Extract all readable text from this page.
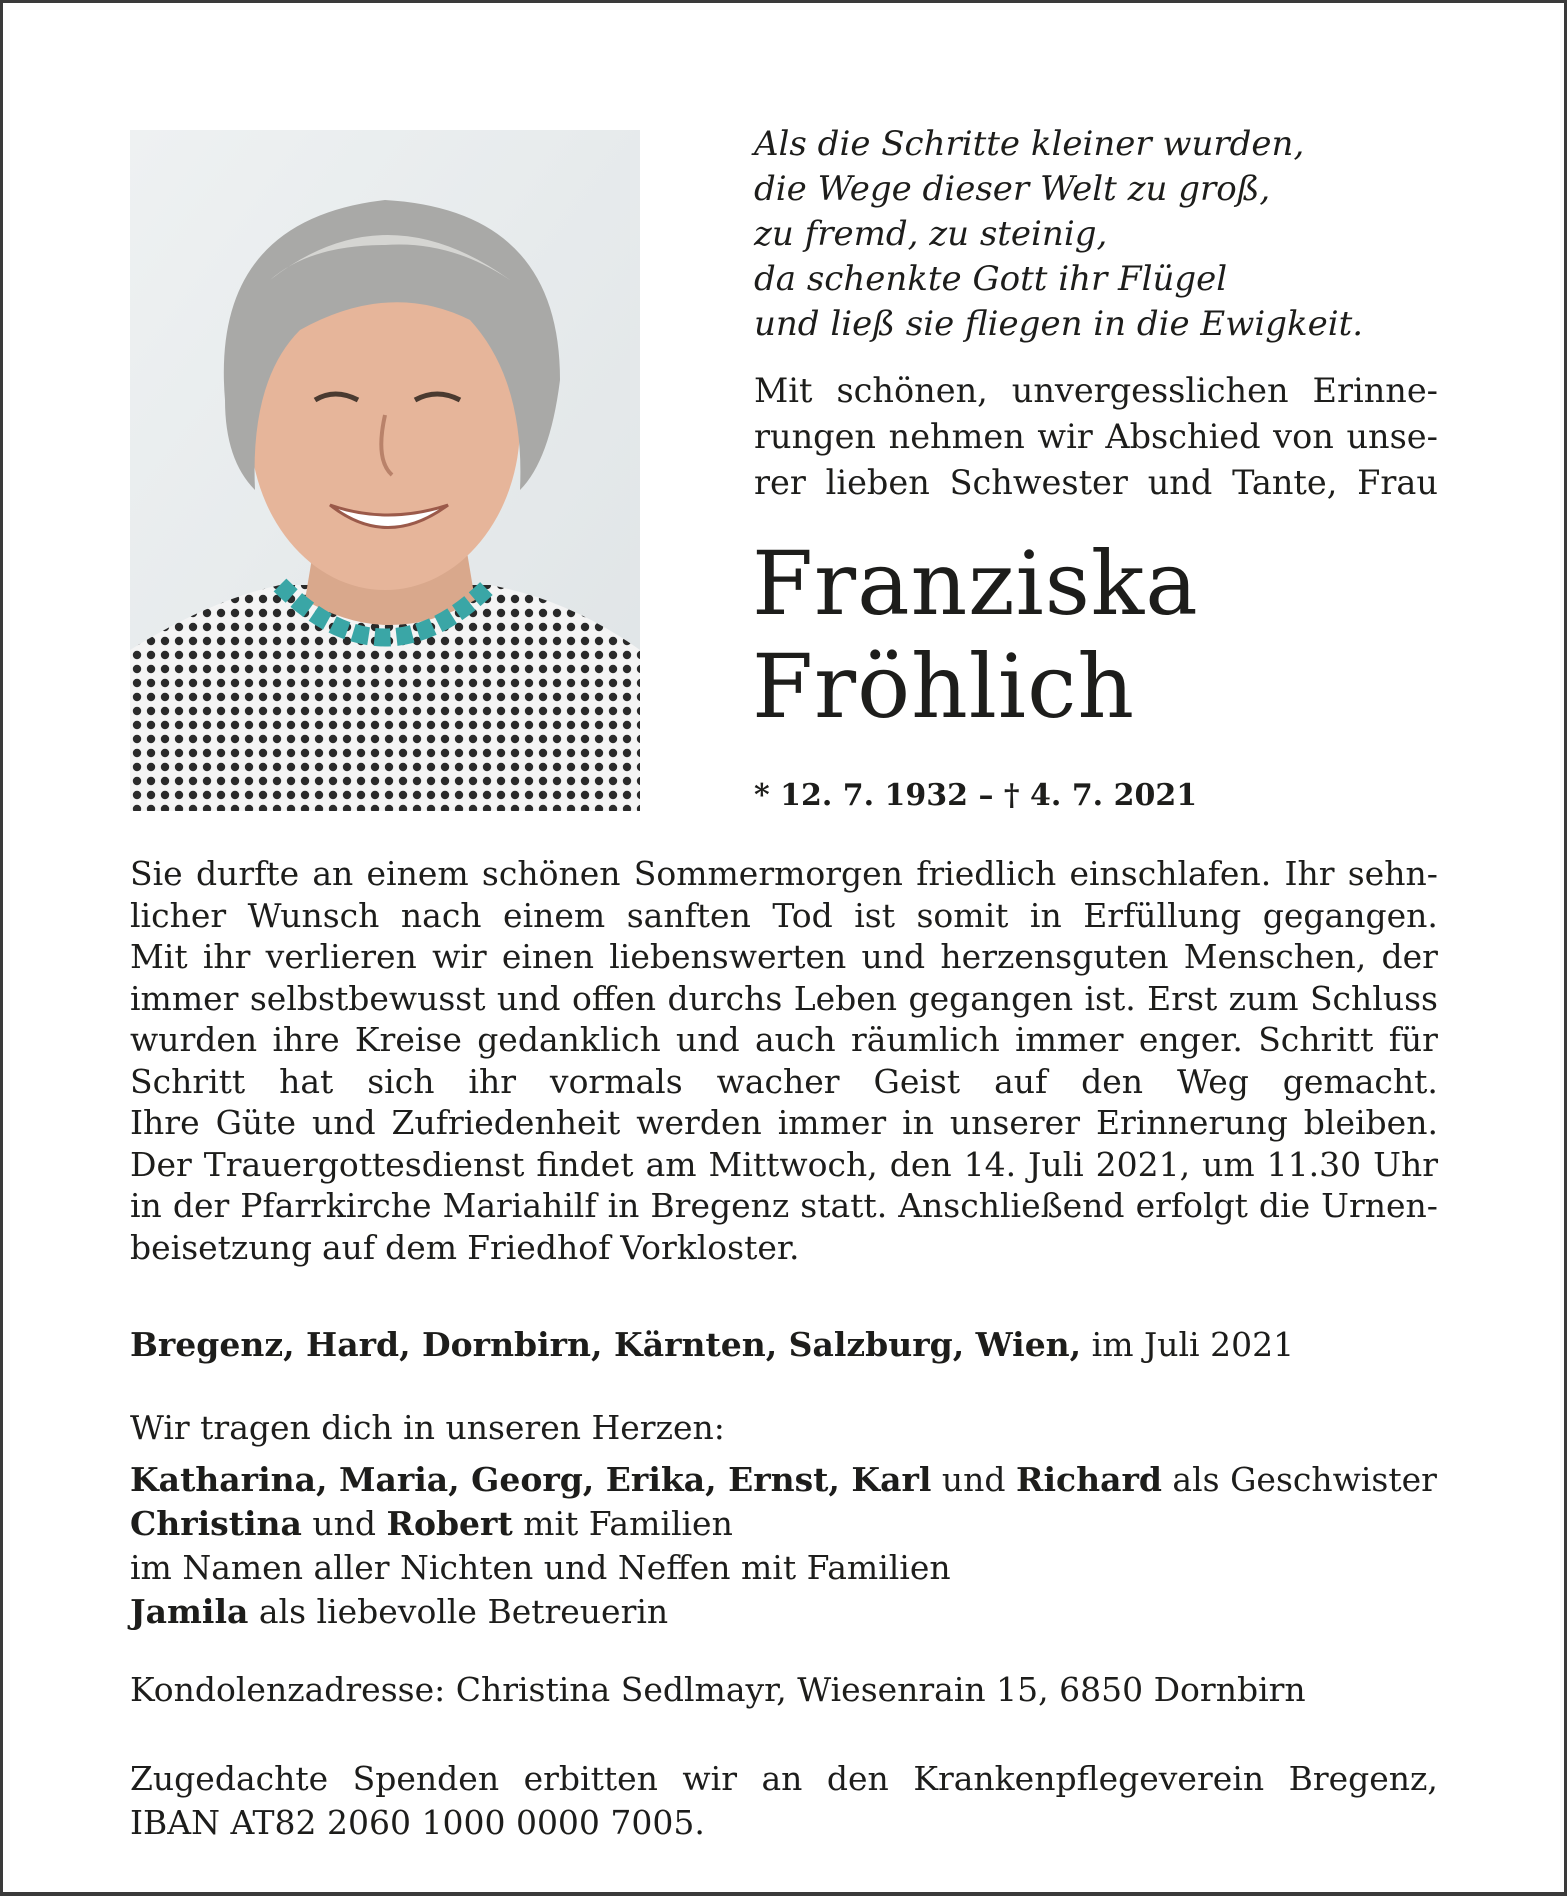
Als die Schritte kleiner wurden,
die Wege dieser Welt zu groß,
zu fremd, zu steinig,
da schenkte Gott ihr Flügel
und ließ sie fliegen in die Ewigkeit.
Mit schönen, unvergesslichen Erinne-
rungen nehmen wir Abschied von unse-
rer lieben Schwester und Tante, Frau
Franziska
Fröhlich
* 12. 7. 1932 – † 4. 7. 2021
Sie durfte an einem schönen Sommermorgen friedlich einschlafen. Ihr sehn-
licher Wunsch nach einem sanften Tod ist somit in Erfüllung gegangen.
Mit ihr verlieren wir einen liebenswerten und herzensguten Menschen, der
immer selbstbewusst und offen durchs Leben gegangen ist. Erst zum Schluss
wurden ihre Kreise gedanklich und auch räumlich immer enger. Schritt für
Schritt hat sich ihr vormals wacher Geist auf den Weg gemacht.
Ihre Güte und Zufriedenheit werden immer in unserer Erinnerung bleiben.
Der Trauergottesdienst findet am Mittwoch, den 14. Juli 2021, um 11.30 Uhr
in der Pfarrkirche Mariahilf in Bregenz statt. Anschließend erfolgt die Urnen-
beisetzung auf dem Friedhof Vorkloster.
Bregenz, Hard, Dornbirn, Kärnten, Salzburg, Wien, im Juli 2021
Wir tragen dich in unseren Herzen:
Katharina, Maria, Georg, Erika, Ernst, Karl und Richard als Geschwister
Christina und Robert mit Familien
im Namen aller Nichten und Neffen mit Familien
Jamila als liebevolle Betreuerin
Kondolenzadresse: Christina Sedlmayr, Wiesenrain 15, 6850 Dornbirn
Zugedachte Spenden erbitten wir an den Krankenpflegeverein Bregenz,
IBAN AT82 2060 1000 0000 7005.
